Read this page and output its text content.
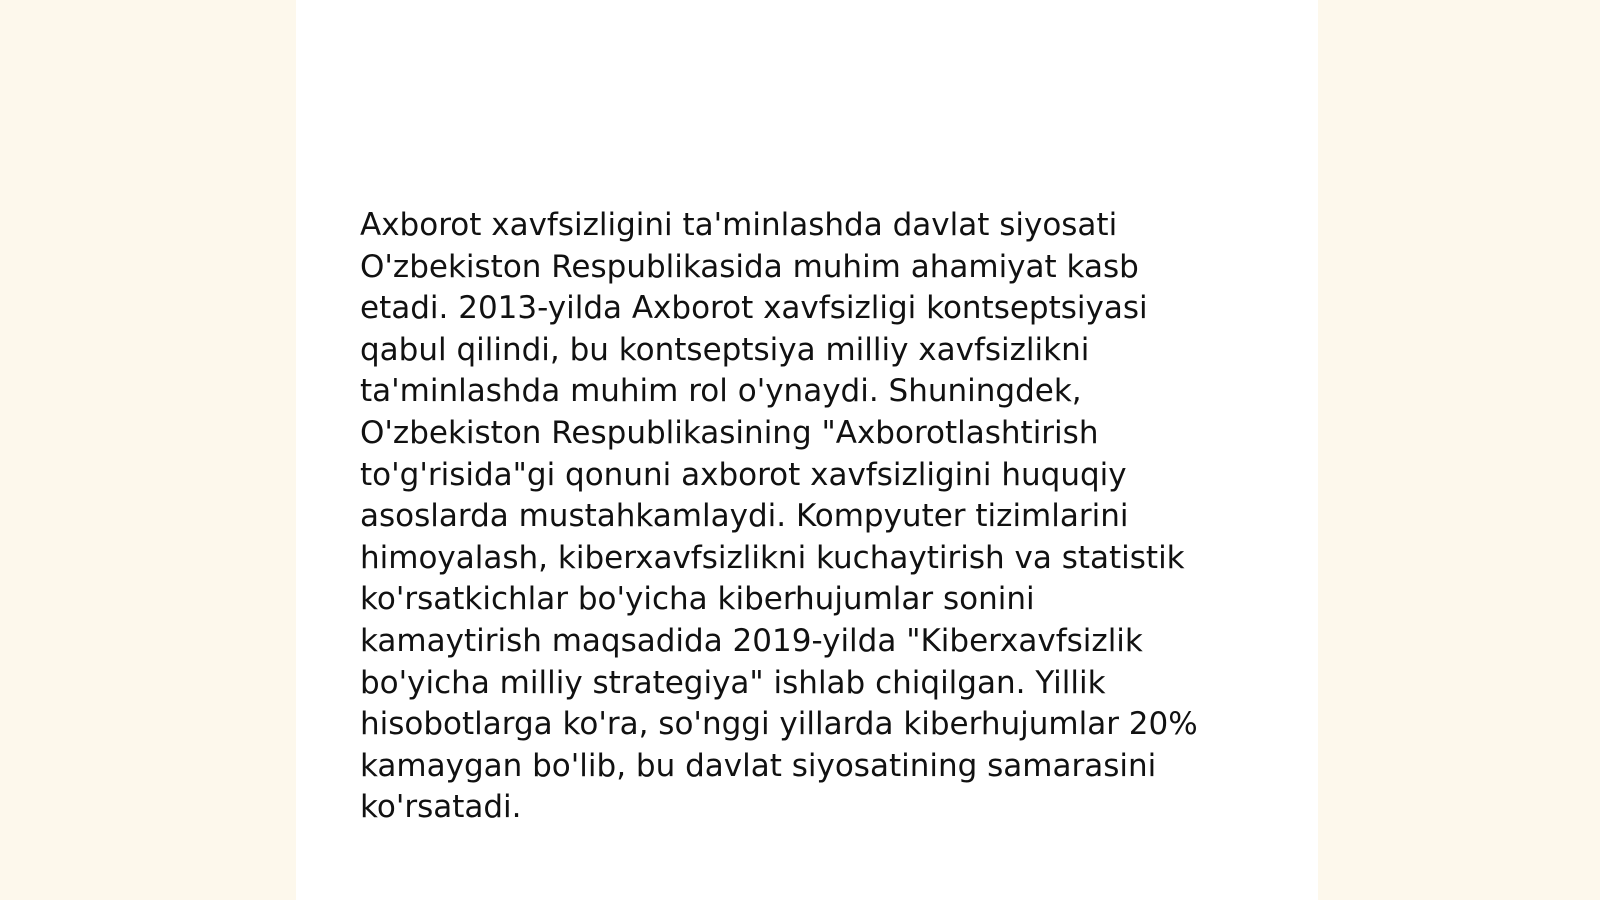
Axborot xavfsizligini ta'minlashda davlat siyosati
O'zbekiston Respublikasida muhim ahamiyat kasb
etadi. 2013-yilda Axborot xavfsizligi kontseptsiyasi
qabul qilindi, bu kontseptsiya milliy xavfsizlikni
ta'minlashda muhim rol o'ynaydi. Shuningdek,
O'zbekiston Respublikasining "Axborotlashtirish
to'g'risida"gi qonuni axborot xavfsizligini huquqiy
asoslarda mustahkamlaydi. Kompyuter tizimlarini
himoyalash, kiberxavfsizlikni kuchaytirish va statistik
ko'rsatkichlar bo'yicha kiberhujumlar sonini
kamaytirish maqsadida 2019-yilda "Kiberxavfsizlik
bo'yicha milliy strategiya" ishlab chiqilgan. Yillik
hisobotlarga ko'ra, so'nggi yillarda kiberhujumlar 20%
kamaygan bo'lib, bu davlat siyosatining samarasini
ko'rsatadi.
